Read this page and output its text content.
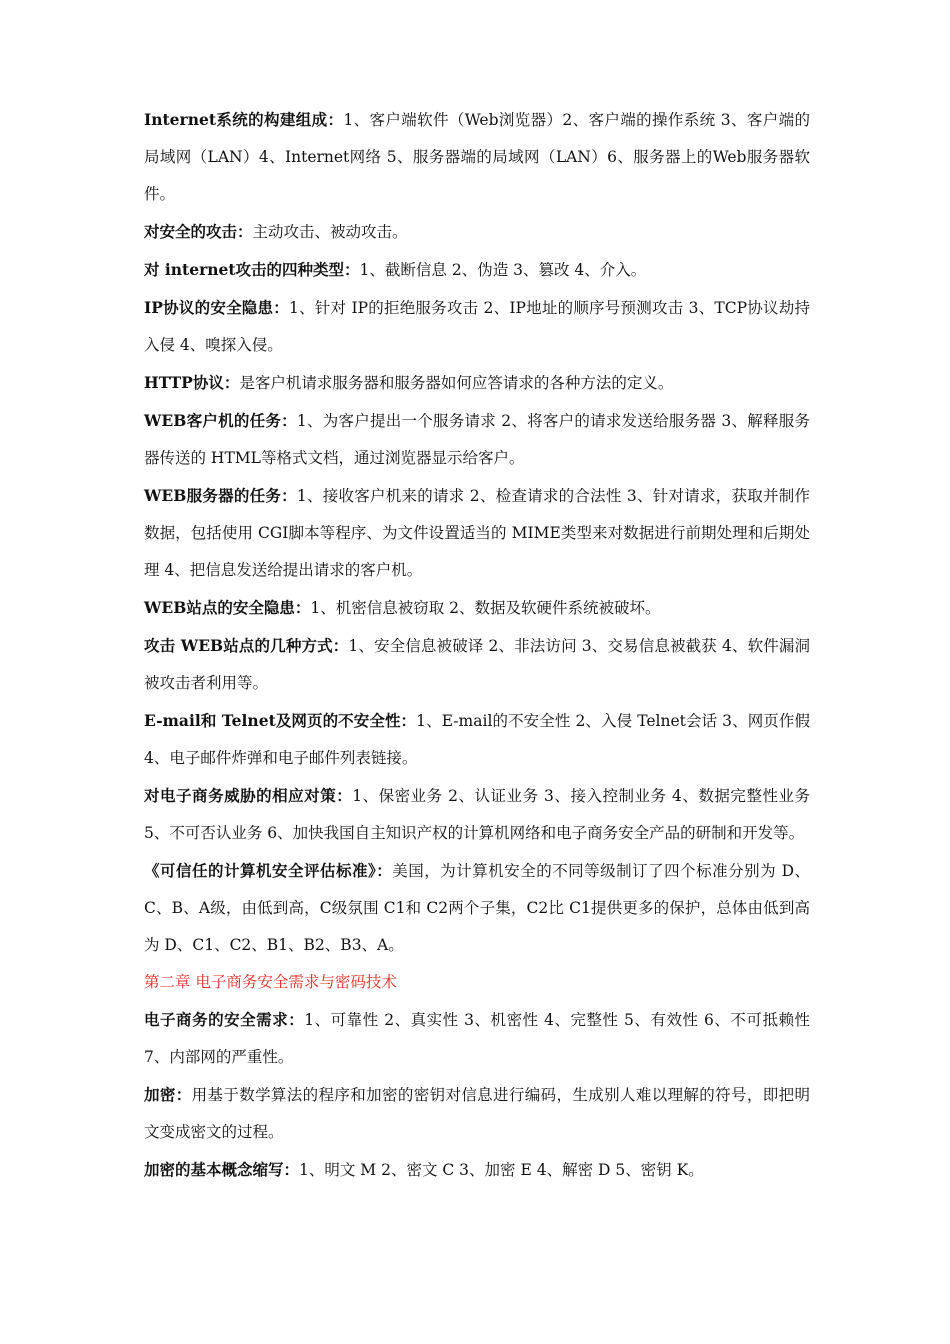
Internet系统的构建组成：1、客户端软件（Web浏览器）2、客户端的操作系统 3、客户端的局域网（LAN）4、Internet网络 5、服务器端的局域网（LAN）6、服务器上的Web服务器软件。

对安全的攻击：主动攻击、被动攻击。

对 internet攻击的四种类型：1、截断信息 2、伪造 3、篡改 4、介入。

IP协议的安全隐患：1、针对 IP的拒绝服务攻击 2、IP地址的顺序号预测攻击 3、TCP协议劫持入侵 4、嗅探入侵。

HTTP协议：是客户机请求服务器和服务器如何应答请求的各种方法的定义。

WEB客户机的任务：1、为客户提出一个服务请求 2、将客户的请求发送给服务器 3、解释服务器传送的 HTML等格式文档，通过浏览器显示给客户。

WEB服务器的任务：1、接收客户机来的请求 2、检查请求的合法性 3、针对请求，获取并制作数据，包括使用 CGI脚本等程序、为文件设置适当的 MIME类型来对数据进行前期处理和后期处理 4、把信息发送给提出请求的客户机。

WEB站点的安全隐患：1、机密信息被窃取 2、数据及软硬件系统被破坏。

攻击 WEB站点的几种方式：1、安全信息被破译 2、非法访问 3、交易信息被截获 4、软件漏洞被攻击者利用等。

E-mail和 Telnet及网页的不安全性：1、E-mail的不安全性 2、入侵 Telnet会话 3、网页作假 4、电子邮件炸弹和电子邮件列表链接。

对电子商务威胁的相应对策：1、保密业务 2、认证业务 3、接入控制业务 4、数据完整性业务 5、不可否认业务 6、加快我国自主知识产权的计算机网络和电子商务安全产品的研制和开发等。

《可信任的计算机安全评估标准》：美国，为计算机安全的不同等级制订了四个标准分别为 D、C、B、A级，由低到高，C级氛围 C1和 C2两个子集，C2比 C1提供更多的保护，总体由低到高为 D、C1、C2、B1、B2、B3、A。

第二章 电子商务安全需求与密码技术

电子商务的安全需求：1、可靠性 2、真实性 3、机密性 4、完整性 5、有效性 6、不可抵赖性 7、内部网的严重性。

加密：用基于数学算法的程序和加密的密钥对信息进行编码，生成别人难以理解的符号，即把明文变成密文的过程。

加密的基本概念缩写：1、明文 M 2、密文 C 3、加密 E 4、解密 D 5、密钥 K。
